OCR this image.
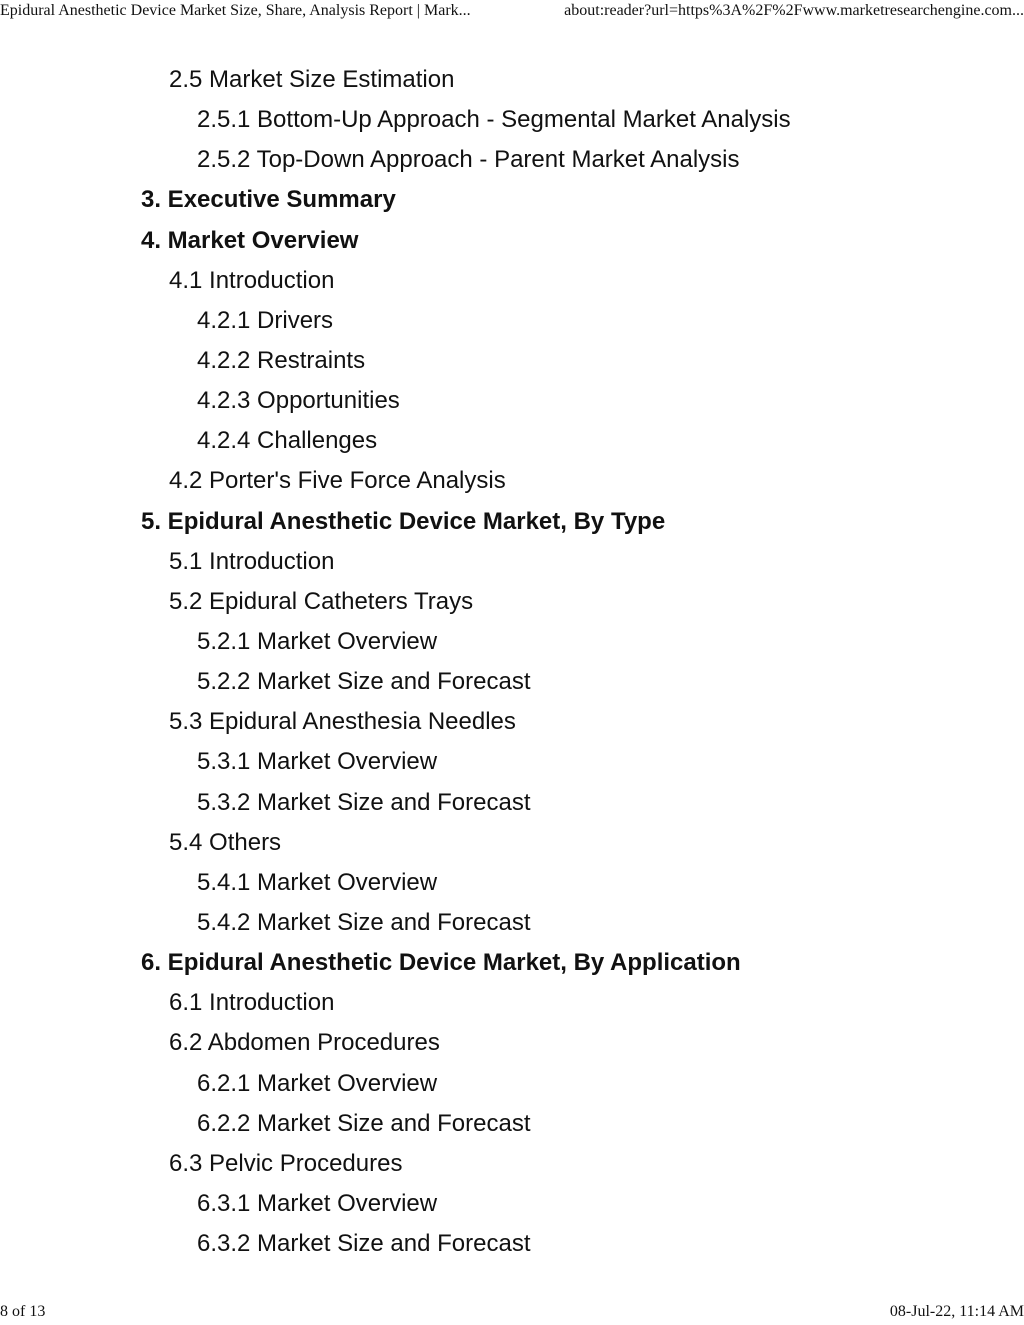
Epidural Anesthetic Device Market Size, Share, Analysis Report | Mark...	about:reader?url=https%3A%2F%2Fwww.marketresearchengine.com...
2.5 Market Size Estimation
2.5.1 Bottom-Up Approach - Segmental Market Analysis
2.5.2 Top-Down Approach - Parent Market Analysis
3. Executive Summary
4. Market Overview
4.1 Introduction
4.2.1 Drivers
4.2.2 Restraints
4.2.3 Opportunities
4.2.4 Challenges
4.2 Porter's Five Force Analysis
5. Epidural Anesthetic Device Market, By Type
5.1 Introduction
5.2 Epidural Catheters Trays
5.2.1 Market Overview
5.2.2 Market Size and Forecast
5.3 Epidural Anesthesia Needles
5.3.1 Market Overview
5.3.2 Market Size and Forecast
5.4 Others
5.4.1 Market Overview
5.4.2 Market Size and Forecast
6. Epidural Anesthetic Device Market, By Application
6.1 Introduction
6.2 Abdomen Procedures
6.2.1 Market Overview
6.2.2 Market Size and Forecast
6.3 Pelvic Procedures
6.3.1 Market Overview
6.3.2 Market Size and Forecast
8 of 13	08-Jul-22, 11:14 AM
